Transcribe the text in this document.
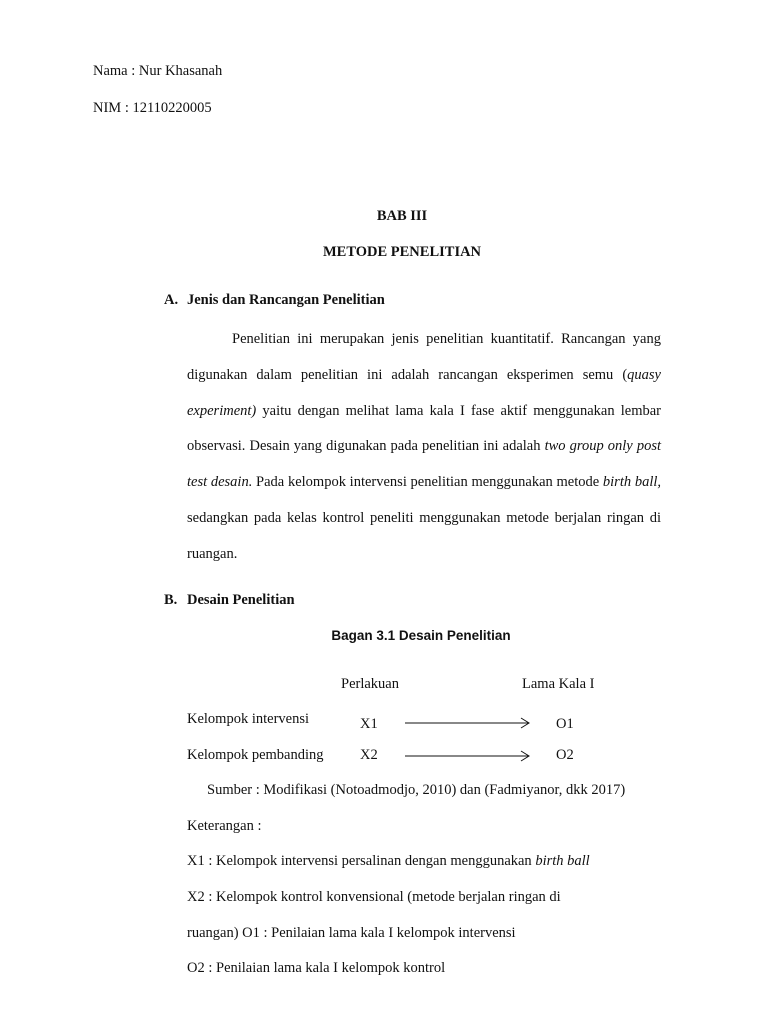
Nama : Nur Khasanah
NIM : 12110220005
BAB III
METODE PENELITIAN
A. Jenis dan Rancangan Penelitian
Penelitian ini merupakan jenis penelitian kuantitatif. Rancangan yang digunakan dalam penelitian ini adalah rancangan eksperimen semu (quasy experiment) yaitu dengan melihat lama kala I fase aktif menggunakan lembar observasi. Desain yang digunakan pada penelitian ini adalah two group only post test desain. Pada kelompok intervensi penelitian menggunakan metode birth ball, sedangkan pada kelas kontrol peneliti menggunakan metode berjalan ringan di ruangan.
B. Desain Penelitian
Bagan 3.1 Desain Penelitian
Perlakuan	Lama Kala I
Kelompok intervensi	X1	O1
Kelompok pembanding	X2	O2
Sumber : Modifikasi (Notoadmodjo, 2010) dan (Fadmiyanor, dkk 2017)
Keterangan :
X1 : Kelompok intervensi persalinan dengan menggunakan birth ball
X2 : Kelompok kontrol konvensional (metode berjalan ringan di
ruangan) O1 : Penilaian lama kala I kelompok intervensi
O2 : Penilaian lama kala I kelompok kontrol
